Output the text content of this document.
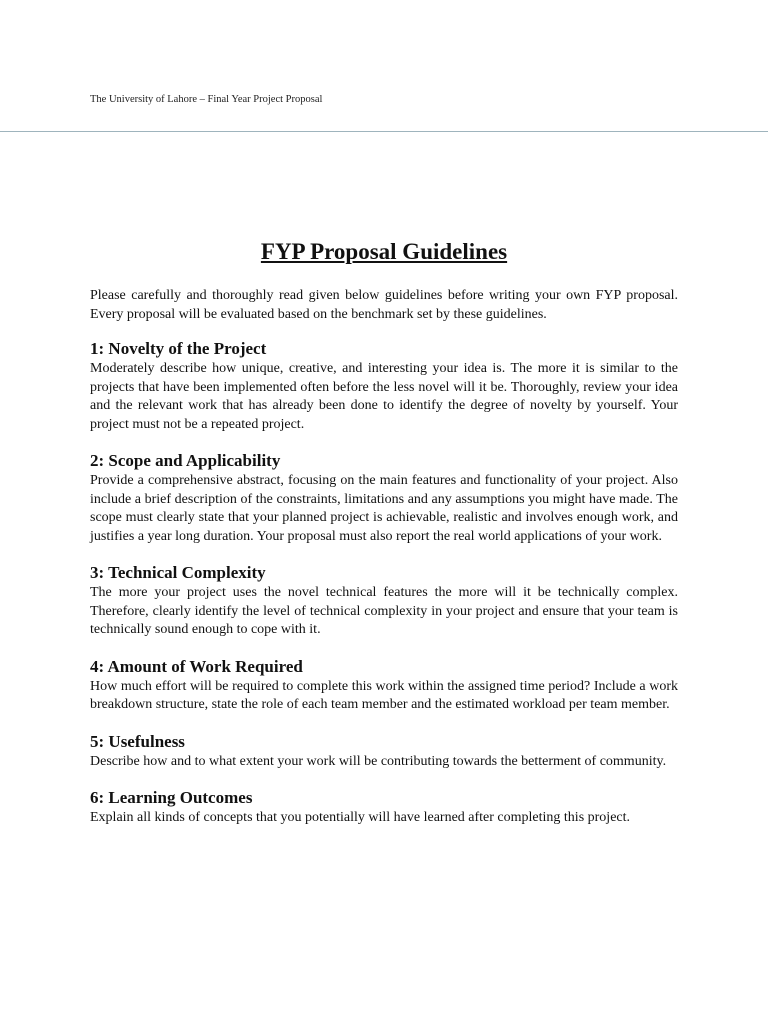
The University of Lahore – Final Year Project Proposal
FYP Proposal Guidelines

Please carefully and thoroughly read given below guidelines before writing your own FYP proposal. Every proposal will be evaluated based on the benchmark set by these guidelines.

1: Novelty of the Project

Moderately describe how unique, creative, and interesting your idea is. The more it is similar to the projects that have been implemented often before the less novel will it be. Thoroughly, review your idea and the relevant work that has already been done to identify the degree of novelty by yourself. Your project must not be a repeated project.

2: Scope and Applicability

Provide a comprehensive abstract, focusing on the main features and functionality of your project. Also include a brief description of the constraints, limitations and any assumptions you might have made. The scope must clearly state that your planned project is achievable, realistic and involves enough work, and justifies a year long duration. Your proposal must also report the real world applications of your work.

3: Technical Complexity

The more your project uses the novel technical features the more will it be technically complex. Therefore, clearly identify the level of technical complexity in your project and ensure that your team is technically sound enough to cope with it.

4: Amount of Work Required

How much effort will be required to complete this work within the assigned time period? Include a work breakdown structure, state the role of each team member and the estimated workload per team member.

5: Usefulness

Describe how and to what extent your work will be contributing towards the betterment of community.

6: Learning Outcomes

Explain all kinds of concepts that you potentially will have learned after completing this project.
